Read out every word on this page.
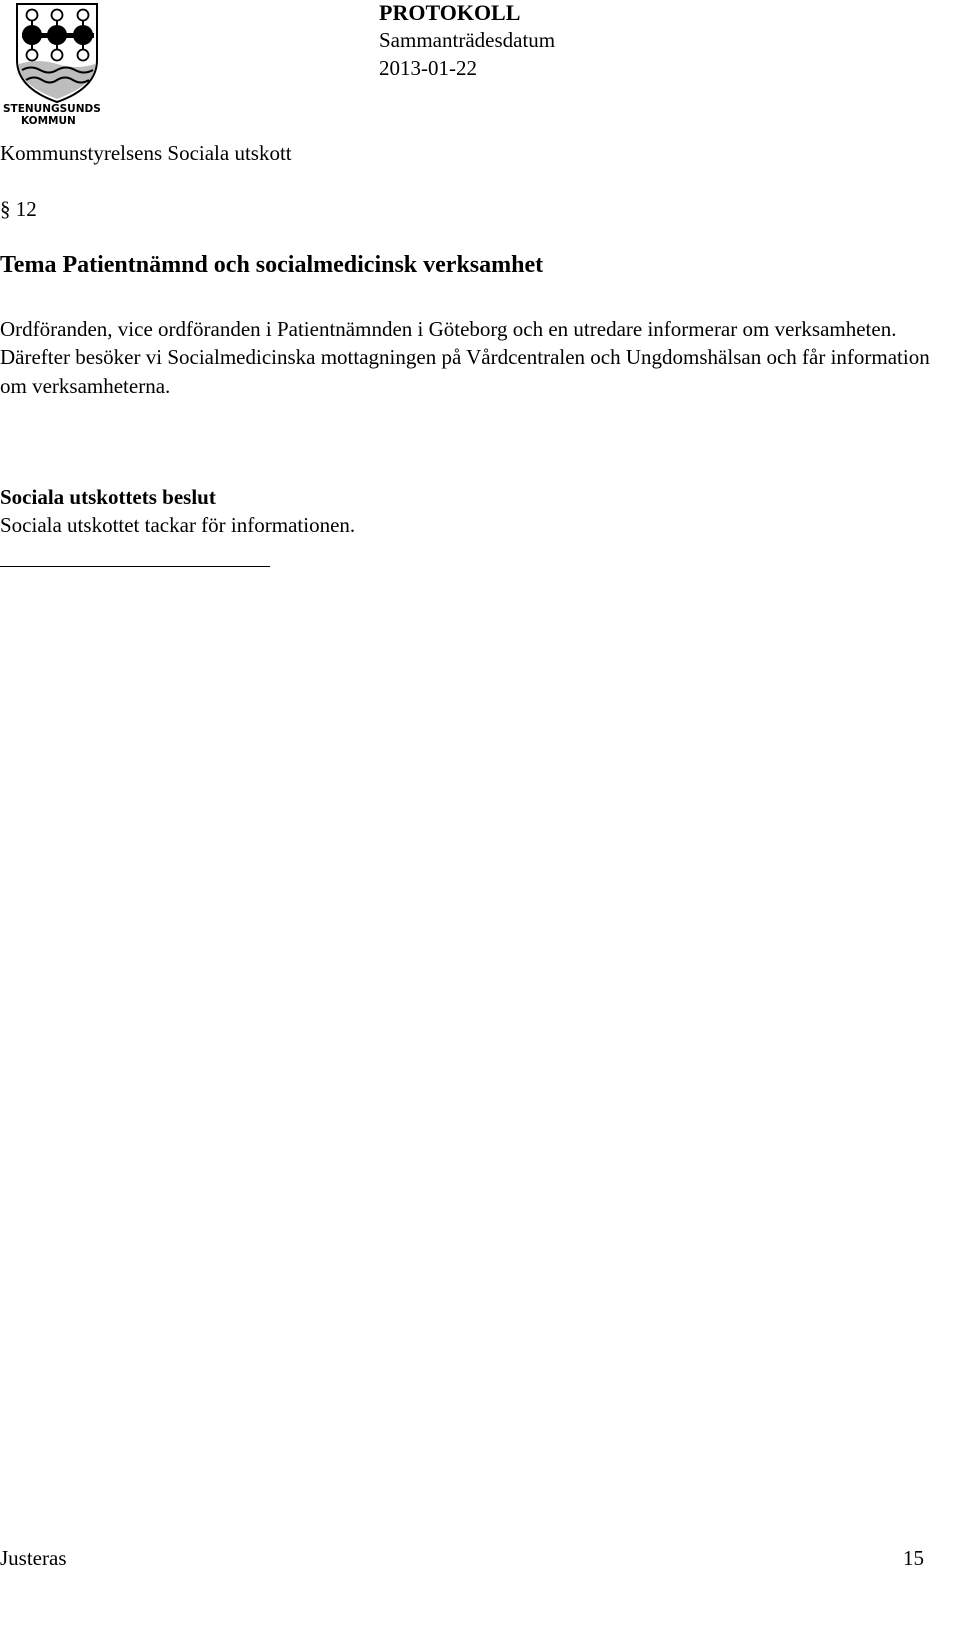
STENUNGSUNDS
KOMMUN
PROTOKOLL
Sammanträdesdatum
2013-01-22
Kommunstyrelsens Sociala utskott
§ 12
Tema Patientnämnd och socialmedicinsk verksamhet

Ordföranden, vice ordföranden i Patientnämnden i Göteborg och en utredare informerar om verksamheten.

Därefter besöker vi Socialmedicinska mottagningen på Vårdcentralen och Ungdomshälsan och får information om verksamheterna.

Sociala utskottets beslut
Sociala utskottet tackar för informationen.
Justeras	15
